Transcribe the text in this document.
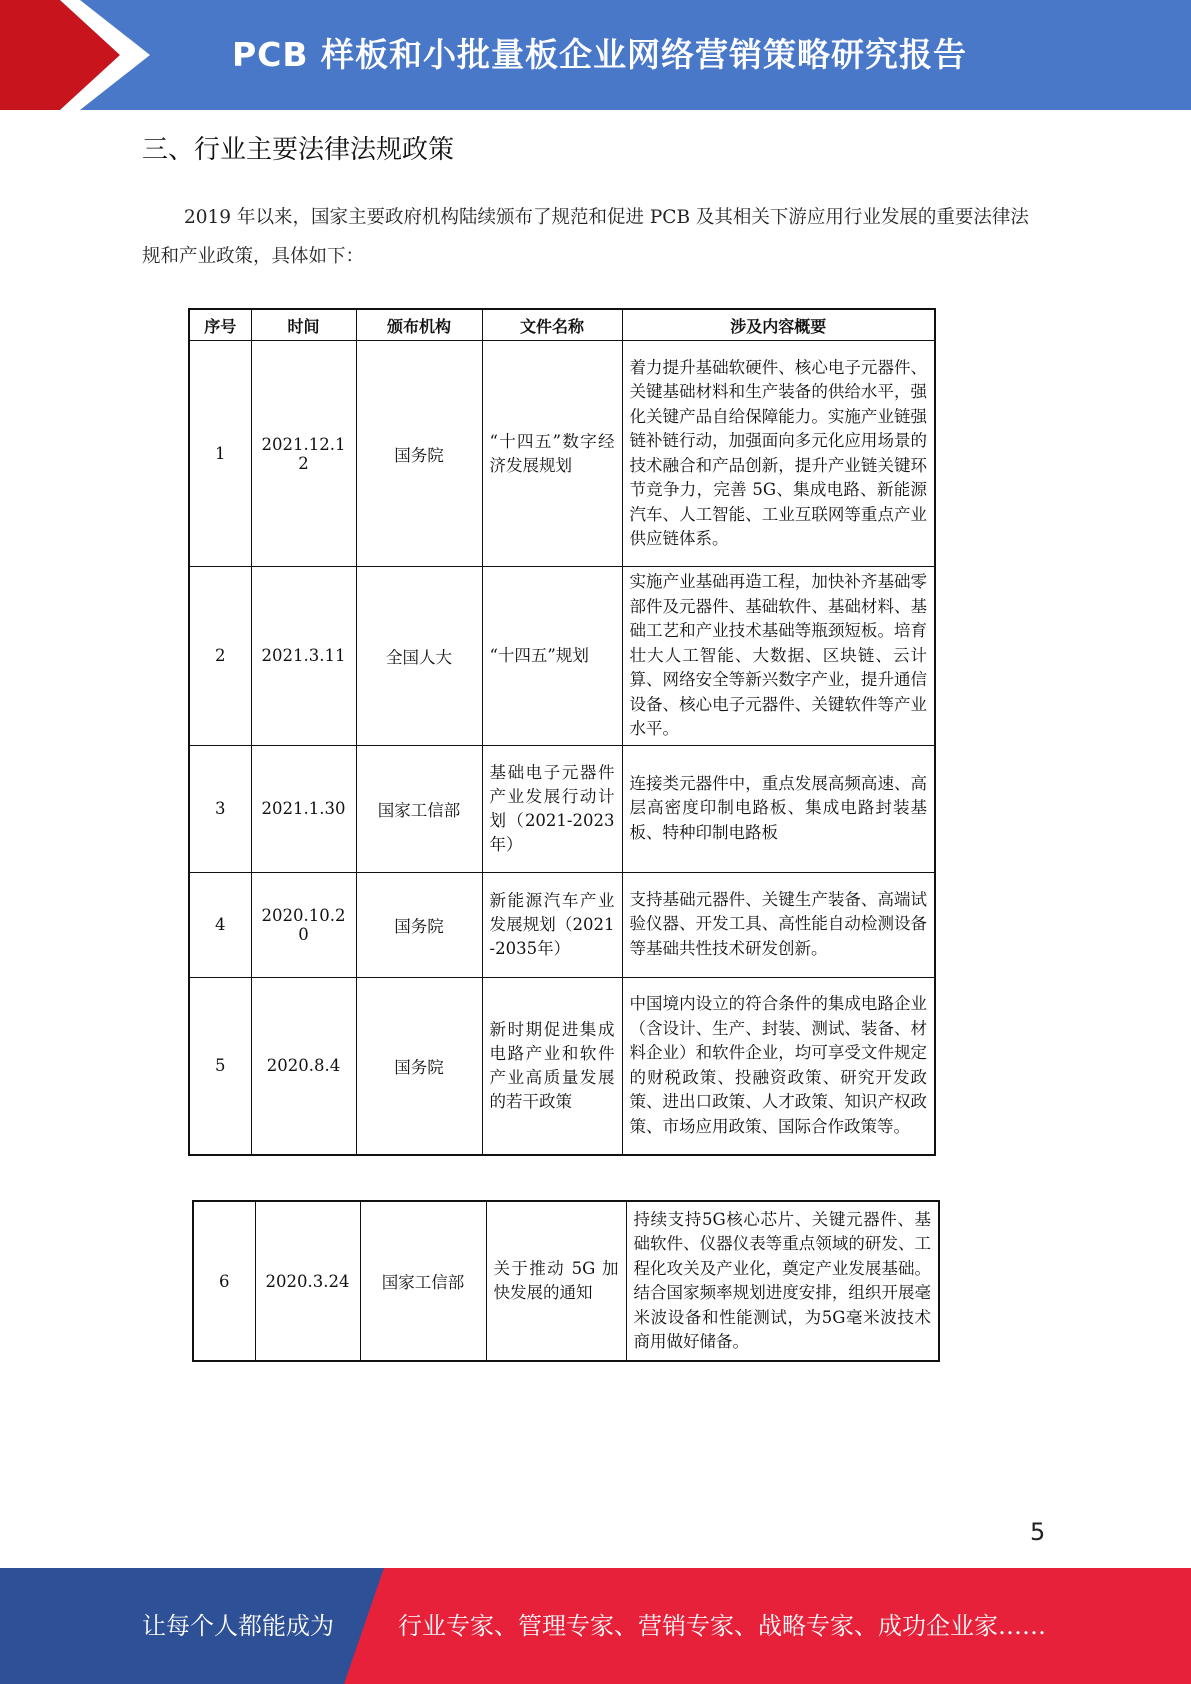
PCB 样板和小批量板企业网络营销策略研究报告
三、行业主要法律法规政策

2019 年以来，国家主要政府机构陆续颁布了规范和促进 PCB 及其相关下游应用行业发展的重要法律法规和产业政策，具体如下：

序号	时间	颁布机构	文件名称	涉及内容概要
1	2021.12.12	国务院	“十四五”数字经济发展规划	着力提升基础软硬件、核心电子元器件、关键基础材料和生产装备的供给水平，强化关键产品自给保障能力。实施产业链强链补链行动，加强面向多元化应用场景的技术融合和产品创新，提升产业链关键环节竞争力，完善 5G、集成电路、新能源汽车、人工智能、工业互联网等重点产业供应链体系。
2	2021.3.11	全国人大	“十四五”规划	实施产业基础再造工程，加快补齐基础零部件及元器件、基础软件、基础材料、基础工艺和产业技术基础等瓶颈短板。培育壮大人工智能、大数据、区块链、云计算、网络安全等新兴数字产业，提升通信设备、核心电子元器件、关键软件等产业水平。
3	2021.1.30	国家工信部	基础电子元器件产业发展行动计划（2021-2023年）	连接类元器件中，重点发展高频高速、高层高密度印制电路板、集成电路封装基板、特种印制电路板
4	2020.10.20	国务院	新能源汽车产业发展规划（2021-2035年）	支持基础元器件、关键生产装备、高端试验仪器、开发工具、高性能自动检测设备等基础共性技术研发创新。
5	2020.8.4	国务院	新时期促进集成电路产业和软件产业高质量发展的若干政策	中国境内设立的符合条件的集成电路企业（含设计、生产、封装、测试、装备、材料企业）和软件企业，均可享受文件规定的财税政策、投融资政策、研究开发政策、进出口政策、人才政策、知识产权政策、市场应用政策、国际合作政策等。
6	2020.3.24	国家工信部	关于推动 5G 加快发展的通知	持续支持5G核心芯片、关键元器件、基础软件、仪器仪表等重点领域的研发、工程化攻关及产业化，奠定产业发展基础。结合国家频率规划进度安排，组织开展毫米波设备和性能测试，为5G毫米波技术商用做好储备。
5
让每个人都能成为	行业专家、管理专家、营销专家、战略专家、成功企业家……
